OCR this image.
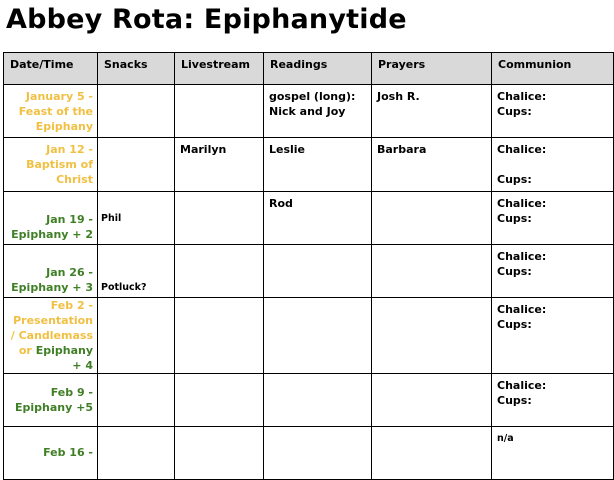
Abbey Rota: Epiphanytide
Date/Time	Snacks	Livestream	Readings	Prayers	Communion
January 5 - Feast of the Epiphany			gospel (long): Nick and Joy	Josh R.	Chalice:
Cups:

Jan 12 - Baptism of Christ		Marilyn	Leslie	Barbara	Chalice:
Cups:

Jan 19 - Epiphany + 2	Phil		Rod		Chalice:
Cups:

Jan 26 - Epiphany + 3	Potluck?				Chalice:
Cups:

Feb 2 - Presentation / Candlemass or Epiphany + 4					Chalice:
Cups:

Feb 9 - Epiphany +5					Chalice:
Cups:

Feb 16 -					n/a
